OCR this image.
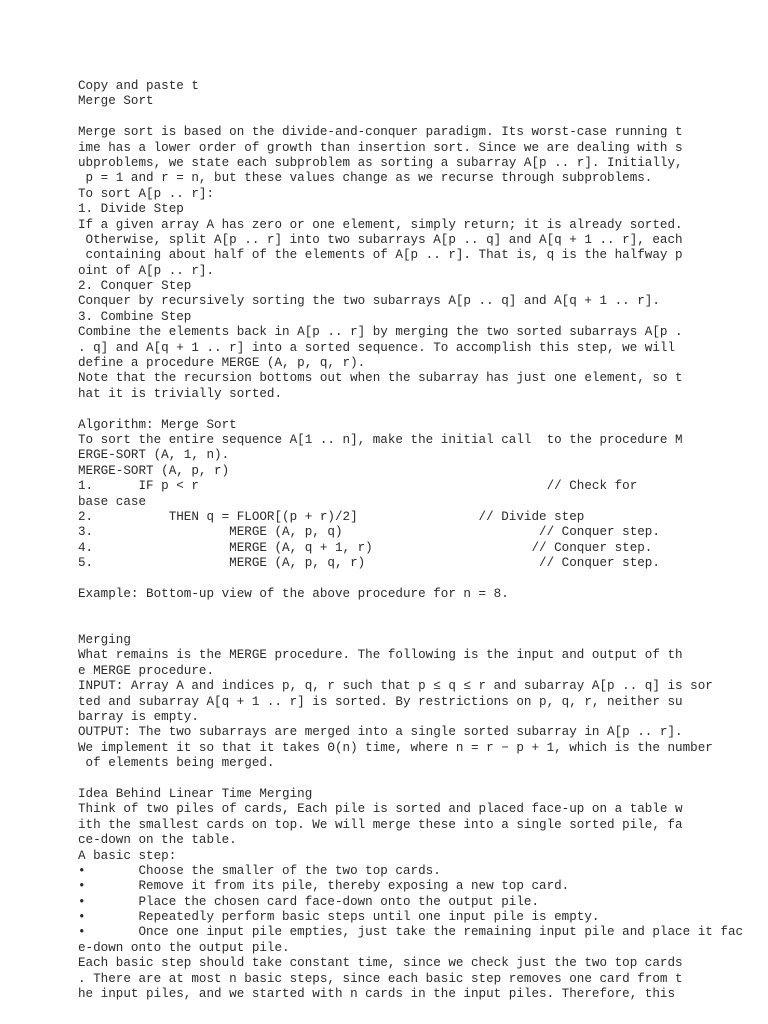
Copy and paste t
Merge Sort
Merge sort is based on the divide-and-conquer paradigm. Its worst-case running t
ime has a lower order of growth than insertion sort. Since we are dealing with s
ubproblems, we state each subproblem as sorting a subarray A[p .. r]. Initially,
p = 1 and r = n, but these values change as we recurse through subproblems.
To sort A[p .. r]:
1. Divide Step
If a given array A has zero or one element, simply return; it is already sorted.
Otherwise, split A[p .. r] into two subarrays A[p .. q] and A[q + 1 .. r], each
containing about half of the elements of A[p .. r]. That is, q is the halfway p
oint of A[p .. r].
2. Conquer Step
Conquer by recursively sorting the two subarrays A[p .. q] and A[q + 1 .. r].
3. Combine Step
Combine the elements back in A[p .. r] by merging the two sorted subarrays A[p .
. q] and A[q + 1 .. r] into a sorted sequence. To accomplish this step, we will
define a procedure MERGE (A, p, q, r).
Note that the recursion bottoms out when the subarray has just one element, so t
hat it is trivially sorted.
Algorithm: Merge Sort
To sort the entire sequence A[1 .. n], make the initial call  to the procedure M
ERGE-SORT (A, 1, n).
MERGE-SORT (A, p, r)
1.      IF p < r                                              // Check for
base case
2.          THEN q = FLOOR[(p + r)/2]                // Divide step
3.                  MERGE (A, p, q)                          // Conquer step.
4.                  MERGE (A, q + 1, r)                     // Conquer step.
5.                  MERGE (A, p, q, r)                       // Conquer step.
Example: Bottom-up view of the above procedure for n = 8.
Merging
What remains is the MERGE procedure. The following is the input and output of th
e MERGE procedure.
INPUT: Array A and indices p, q, r such that p ≤ q ≤ r and subarray A[p .. q] is sor
ted and subarray A[q + 1 .. r] is sorted. By restrictions on p, q, r, neither su
barray is empty.
OUTPUT: The two subarrays are merged into a single sorted subarray in A[p .. r].
We implement it so that it takes Θ(n) time, where n = r − p + 1, which is the number
of elements being merged.
Idea Behind Linear Time Merging
Think of two piles of cards, Each pile is sorted and placed face-up on a table w
ith the smallest cards on top. We will merge these into a single sorted pile, fa
ce-down on the table.
A basic step:
•       Choose the smaller of the two top cards.
•       Remove it from its pile, thereby exposing a new top card.
•       Place the chosen card face-down onto the output pile.
•       Repeatedly perform basic steps until one input pile is empty.
•       Once one input pile empties, just take the remaining input pile and place it fac
e-down onto the output pile.
Each basic step should take constant time, since we check just the two top cards
. There are at most n basic steps, since each basic step removes one card from t
he input piles, and we started with n cards in the input piles. Therefore, this
